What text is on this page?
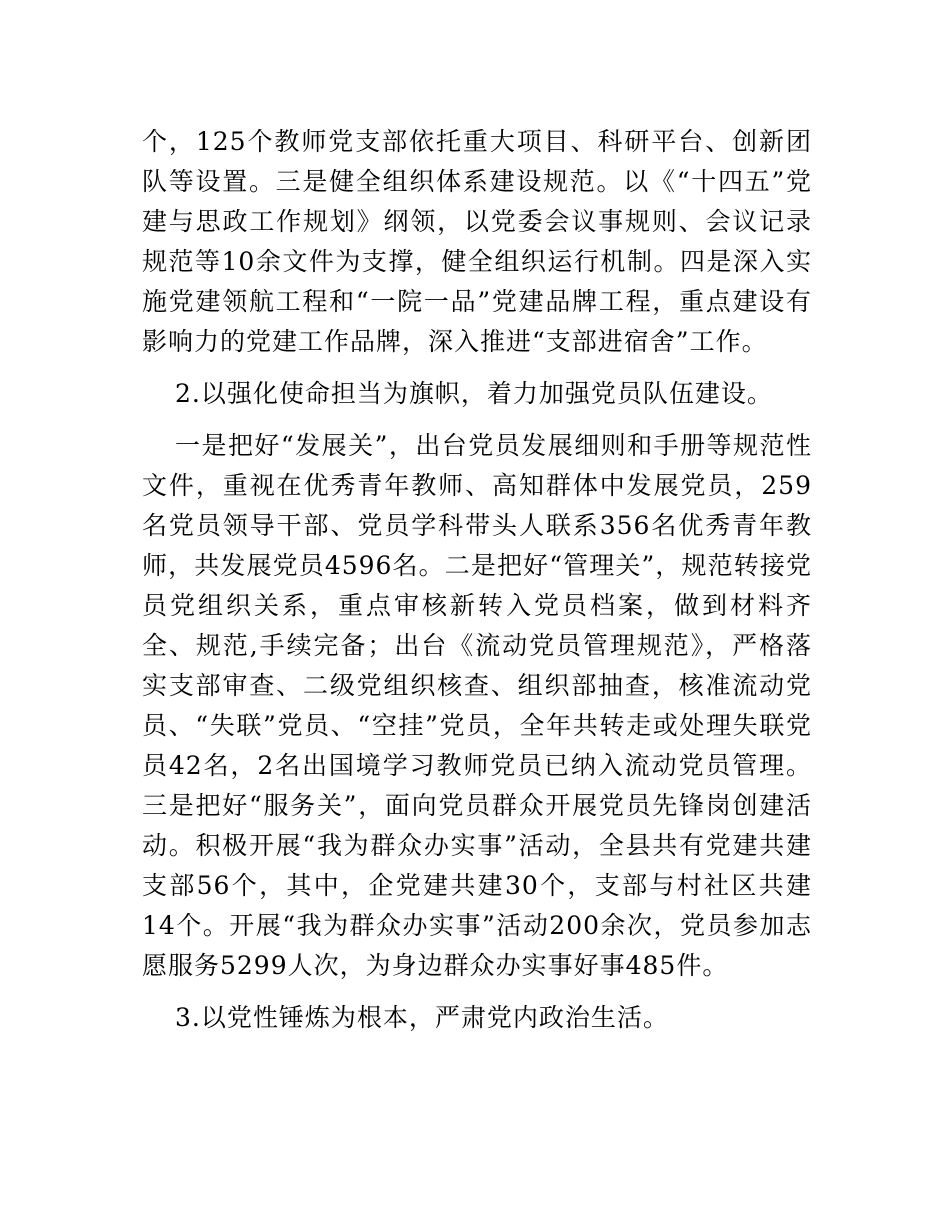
个，125个教师党支部依托重大项目、科研平台、创新团队等设置。三是健全组织体系建设规范。以《“十四五”党建与思政工作规划》纲领，以党委会议事规则、会议记录规范等10余文件为支撑，健全组织运行机制。四是深入实施党建领航工程和“一院一品”党建品牌工程，重点建设有影响力的党建工作品牌，深入推进“支部进宿舍”工作。

2.以强化使命担当为旗帜，着力加强党员队伍建设。

一是把好“发展关”，出台党员发展细则和手册等规范性文件，重视在优秀青年教师、高知群体中发展党员，259名党员领导干部、党员学科带头人联系356名优秀青年教师，共发展党员4596名。二是把好“管理关”，规范转接党员党组织关系，重点审核新转入党员档案，做到材料齐全、规范,手续完备；出台《流动党员管理规范》，严格落实支部审查、二级党组织核查、组织部抽查，核准流动党员、“失联”党员、“空挂”党员，全年共转走或处理失联党员42名，2名出国境学习教师党员已纳入流动党员管理。三是把好“服务关”，面向党员群众开展党员先锋岗创建活动。积极开展“我为群众办实事”活动，全县共有党建共建支部56个，其中，企党建共建30个，支部与村社区共建14个。开展“我为群众办实事”活动200余次，党员参加志愿服务5299人次，为身边群众办实事好事485件。

3.以党性锤炼为根本，严肃党内政治生活。
